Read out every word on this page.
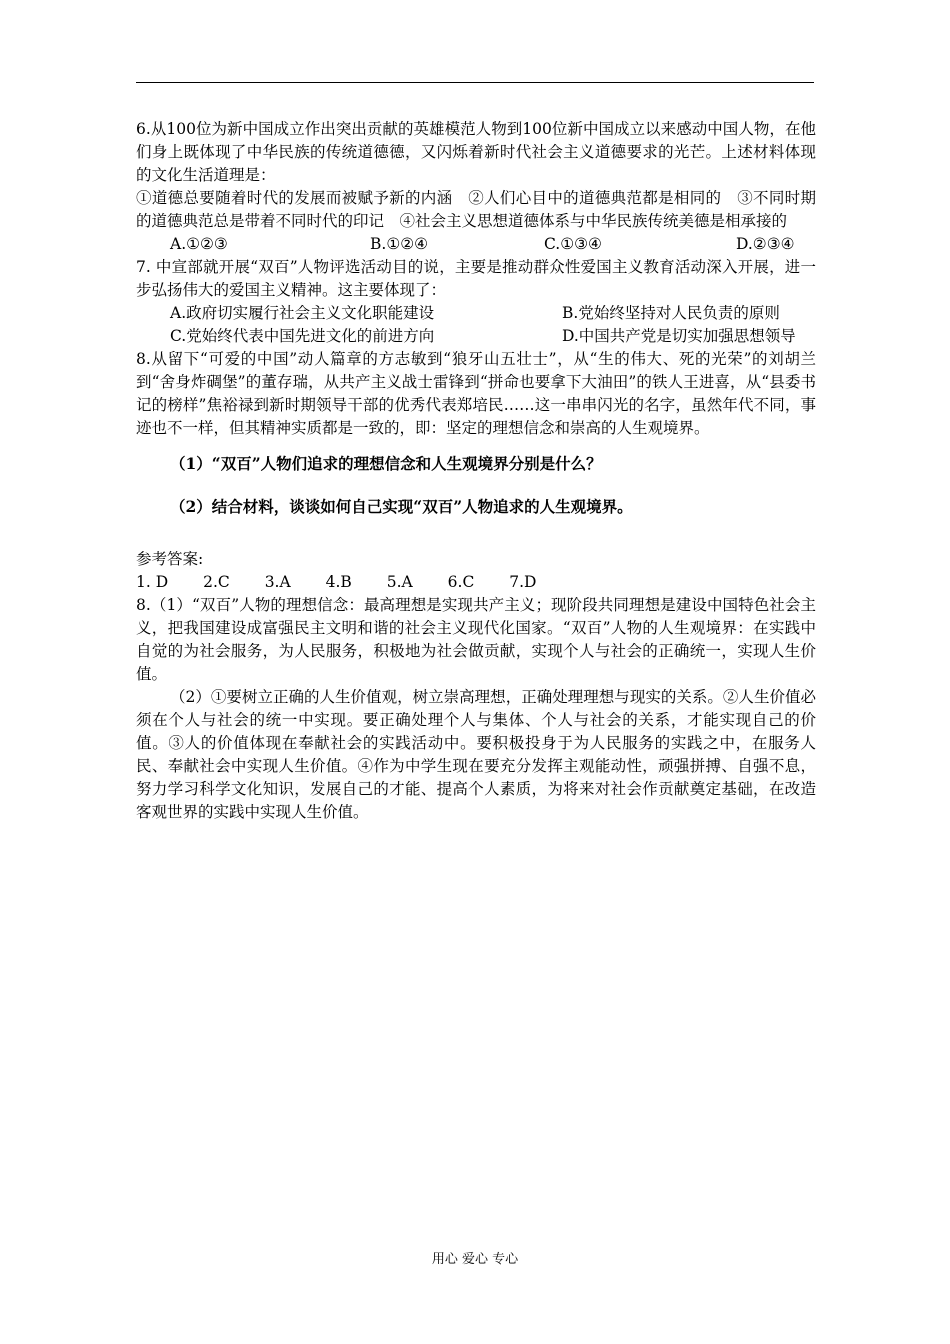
6.从100位为新中国成立作出突出贡献的英雄模范人物到100位新中国成立以来感动中国人物，在他们身上既体现了中华民族的传统道德德，又闪烁着新时代社会主义道德要求的光芒。上述材料体现的文化生活道理是：

①道德总要随着时代的发展而被赋予新的内涵　②人们心目中的道德典范都是相同的　③不同时期的道德典范总是带着不同时代的印记　④社会主义思想道德体系与中华民族传统美德是相承接的

A.①②③	B.①②④	C.①③④	D.②③④

7. 中宣部就开展“双百”人物评选活动目的说，主要是推动群众性爱国主义教育活动深入开展，进一步弘扬伟大的爱国主义精神。这主要体现了：

A.政府切实履行社会主义文化职能建设	B.党始终坚持对人民负责的原则
C.党始终代表中国先进文化的前进方向	D.中国共产党是切实加强思想领导

8.从留下“可爱的中国”动人篇章的方志敏到“狼牙山五壮士”，从“生的伟大、死的光荣”的刘胡兰到“舍身炸碉堡”的董存瑞，从共产主义战士雷锋到“拼命也要拿下大油田”的铁人王进喜，从“县委书记的榜样”焦裕禄到新时期领导干部的优秀代表郑培民……这一串串闪光的名字，虽然年代不同，事迹也不一样，但其精神实质都是一致的，即：坚定的理想信念和崇高的人生观境界。

（1）“双百”人物们追求的理想信念和人生观境界分别是什么？

（2）结合材料，谈谈如何自己实现“双百”人物追求的人生观境界。

参考答案:

1. D 2.C 3.A 4.B 5.A 6.C 7.D

8.（1）“双百”人物的理想信念：最高理想是实现共产主义；现阶段共同理想是建设中国特色社会主义，把我国建设成富强民主文明和谐的社会主义现代化国家。“双百”人物的人生观境界：在实践中自觉的为社会服务，为人民服务，积极地为社会做贡献，实现个人与社会的正确统一，实现人生价值。

（2）①要树立正确的人生价值观，树立崇高理想，正确处理理想与现实的关系。②人生价值必须在个人与社会的统一中实现。要正确处理个人与集体、个人与社会的关系，才能实现自己的价值。③人的价值体现在奉献社会的实践活动中。要积极投身于为人民服务的实践之中，在服务人民、奉献社会中实现人生价值。④作为中学生现在要充分发挥主观能动性，顽强拼搏、自强不息，努力学习科学文化知识，发展自己的才能、提高个人素质，为将来对社会作贡献奠定基础，在改造客观世界的实践中实现人生价值。

用心 爱心 专心
